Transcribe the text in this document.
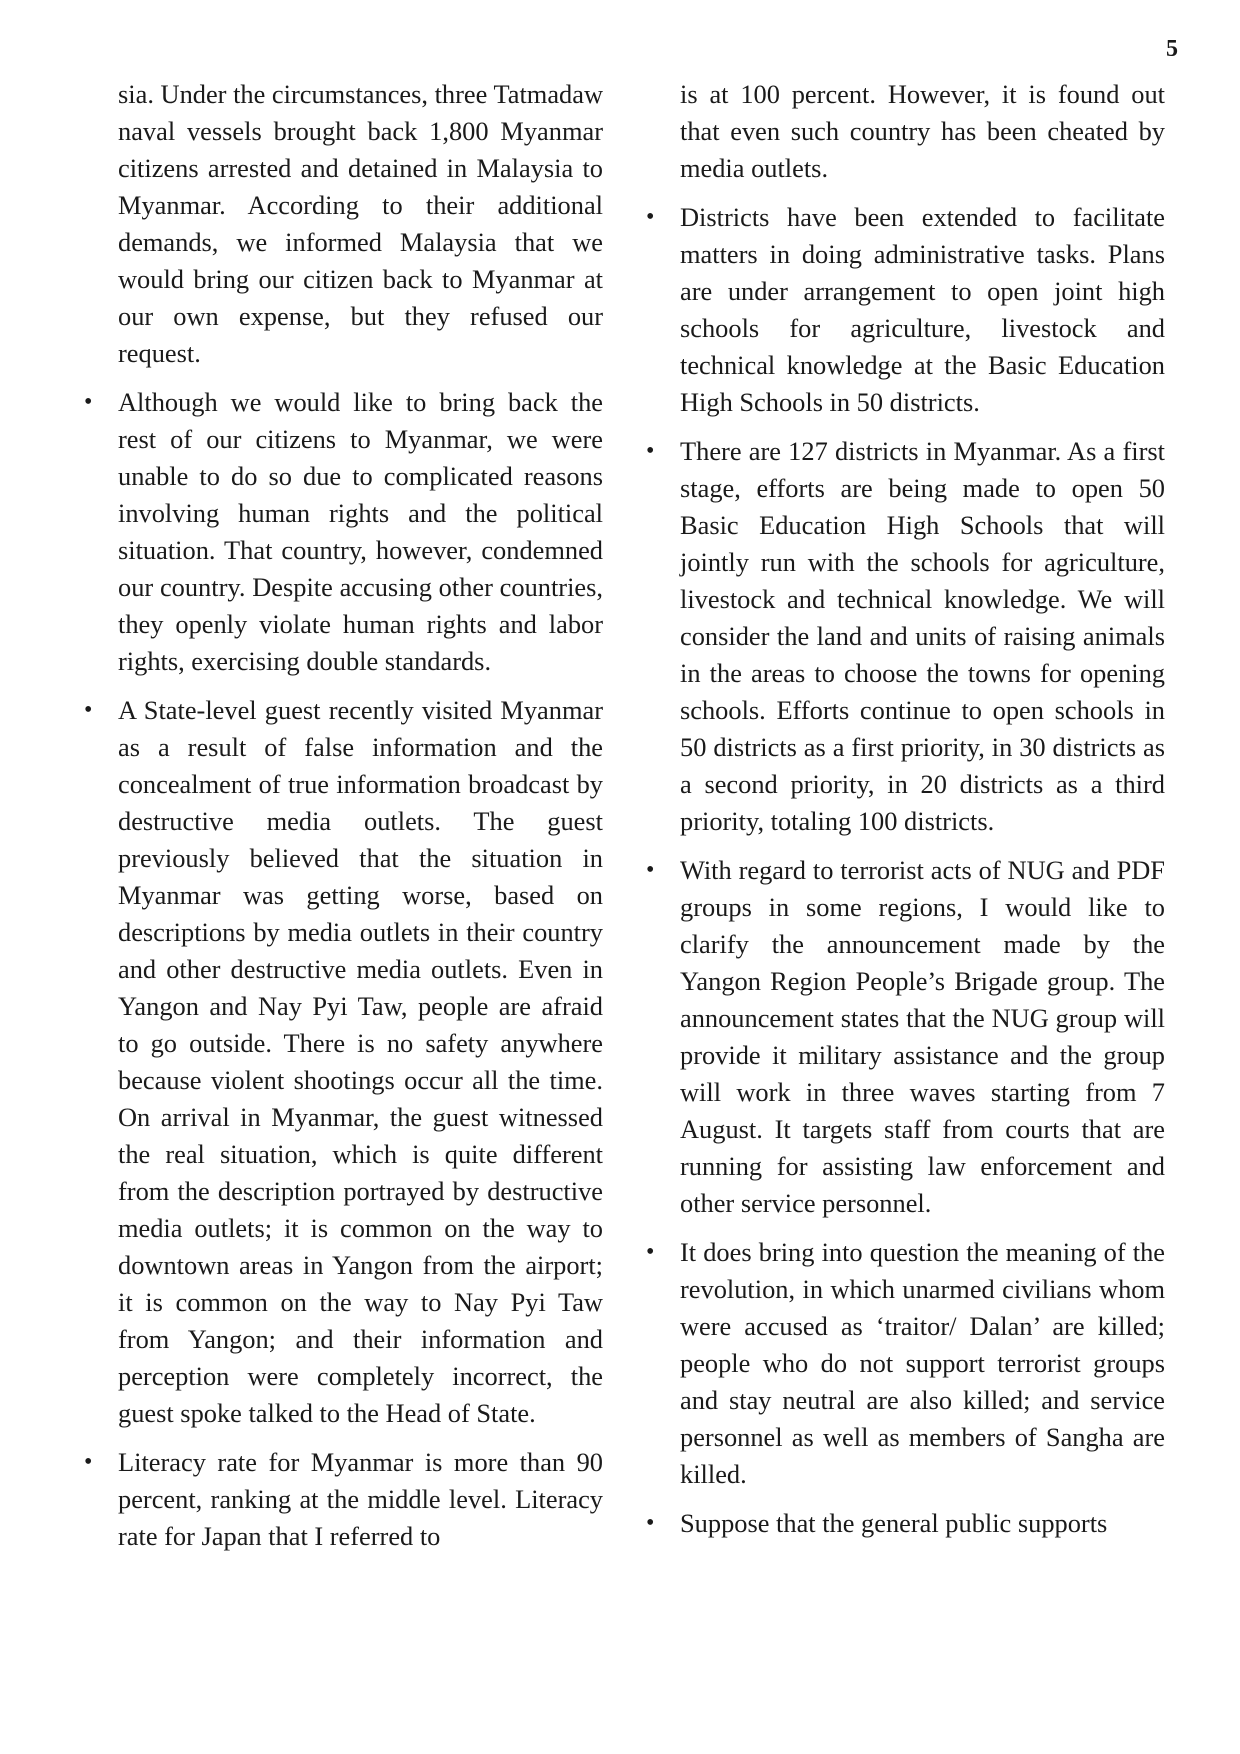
5

sia. Under the circumstances, three Tatmadaw naval vessels brought back 1,800 Myanmar citizens arrested and detained in Malaysia to Myanmar. According to their additional demands, we informed Malaysia that we would bring our citizen back to Myanmar at our own expense, but they refused our request.

• Although we would like to bring back the rest of our citizens to Myanmar, we were unable to do so due to complicated reasons involving human rights and the political situation. That country, however, condemned our country. Despite accusing other countries, they openly violate human rights and labor rights, exercising double standards.

• A State-level guest recently visited Myanmar as a result of false information and the concealment of true information broadcast by destructive media outlets. The guest previously believed that the situation in Myanmar was getting worse, based on descriptions by media outlets in their country and other destructive media outlets. Even in Yangon and Nay Pyi Taw, people are afraid to go outside. There is no safety anywhere because violent shootings occur all the time. On arrival in Myanmar, the guest witnessed the real situation, which is quite different from the description portrayed by destructive media outlets; it is common on the way to downtown areas in Yangon from the airport; it is common on the way to Nay Pyi Taw from Yangon; and their information and perception were completely incorrect, the guest spoke talked to the Head of State.

• Literacy rate for Myanmar is more than 90 percent, ranking at the middle level. Literacy rate for Japan that I referred to

is at 100 percent. However, it is found out that even such country has been cheated by media outlets.

• Districts have been extended to facilitate matters in doing administrative tasks. Plans are under arrangement to open joint high schools for agriculture, livestock and technical knowledge at the Basic Education High Schools in 50 districts.

• There are 127 districts in Myanmar. As a first stage, efforts are being made to open 50 Basic Education High Schools that will jointly run with the schools for agriculture, livestock and technical knowledge. We will consider the land and units of raising animals in the areas to choose the towns for opening schools. Efforts continue to open schools in 50 districts as a first priority, in 30 districts as a second priority, in 20 districts as a third priority, totaling 100 districts.

• With regard to terrorist acts of NUG and PDF groups in some regions, I would like to clarify the announcement made by the Yangon Region People’s Brigade group. The announcement states that the NUG group will provide it military assistance and the group will work in three waves starting from 7 August. It targets staff from courts that are running for assisting law enforcement and other service personnel.

• It does bring into question the meaning of the revolution, in which unarmed civilians whom were accused as ‘traitor/ Dalan’ are killed; people who do not support terrorist groups and stay neutral are also killed; and service personnel as well as members of Sangha are killed.

• Suppose that the general public supports
